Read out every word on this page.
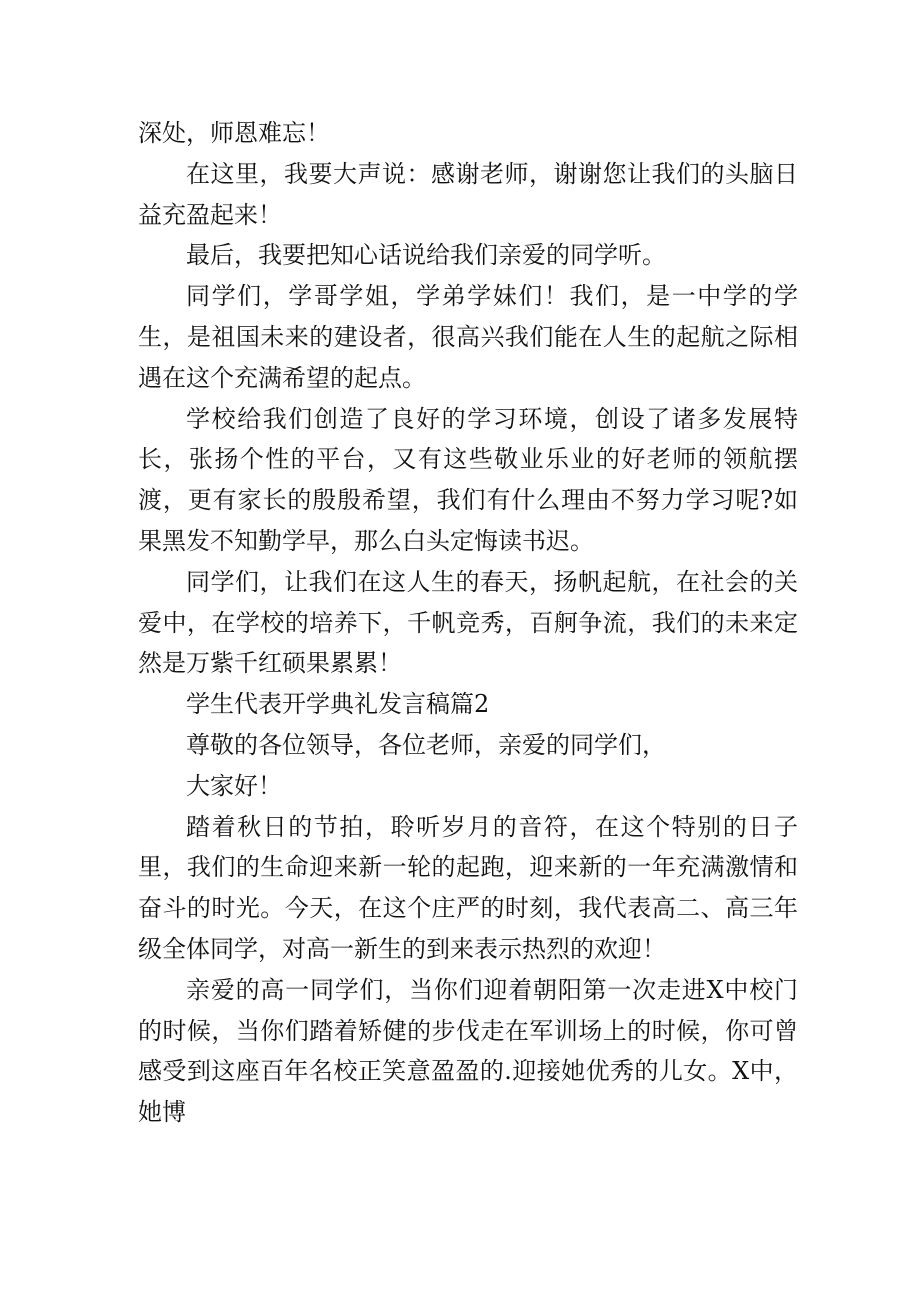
深处，师恩难忘！

在这里，我要大声说：感谢老师，谢谢您让我们的头脑日益充盈起来！

最后，我要把知心话说给我们亲爱的同学听。

同学们，学哥学姐，学弟学妹们！我们，是一中学的学生，是祖国未来的建设者，很高兴我们能在人生的起航之际相遇在这个充满希望的起点。

学校给我们创造了良好的学习环境，创设了诸多发展特长，张扬个性的平台，又有这些敬业乐业的好老师的领航摆渡，更有家长的殷殷希望，我们有什么理由不努力学习呢?如果黑发不知勤学早，那么白头定悔读书迟。

同学们，让我们在这人生的春天，扬帆起航，在社会的关爱中，在学校的培养下，千帆竞秀，百舸争流，我们的未来定然是万紫千红硕果累累！

学生代表开学典礼发言稿篇2

尊敬的各位领导，各位老师，亲爱的同学们，

大家好！

踏着秋日的节拍，聆听岁月的音符，在这个特别的日子里，我们的生命迎来新一轮的起跑，迎来新的一年充满激情和奋斗的时光。今天，在这个庄严的时刻，我代表高二、高三年级全体同学，对高一新生的到来表示热烈的欢迎！

亲爱的高一同学们，当你们迎着朝阳第一次走进X中校门的时候，当你们踏着矫健的步伐走在军训场上的时候，你可曾感受到这座百年名校正笑意盈盈的.迎接她优秀的儿女。X中，她博
